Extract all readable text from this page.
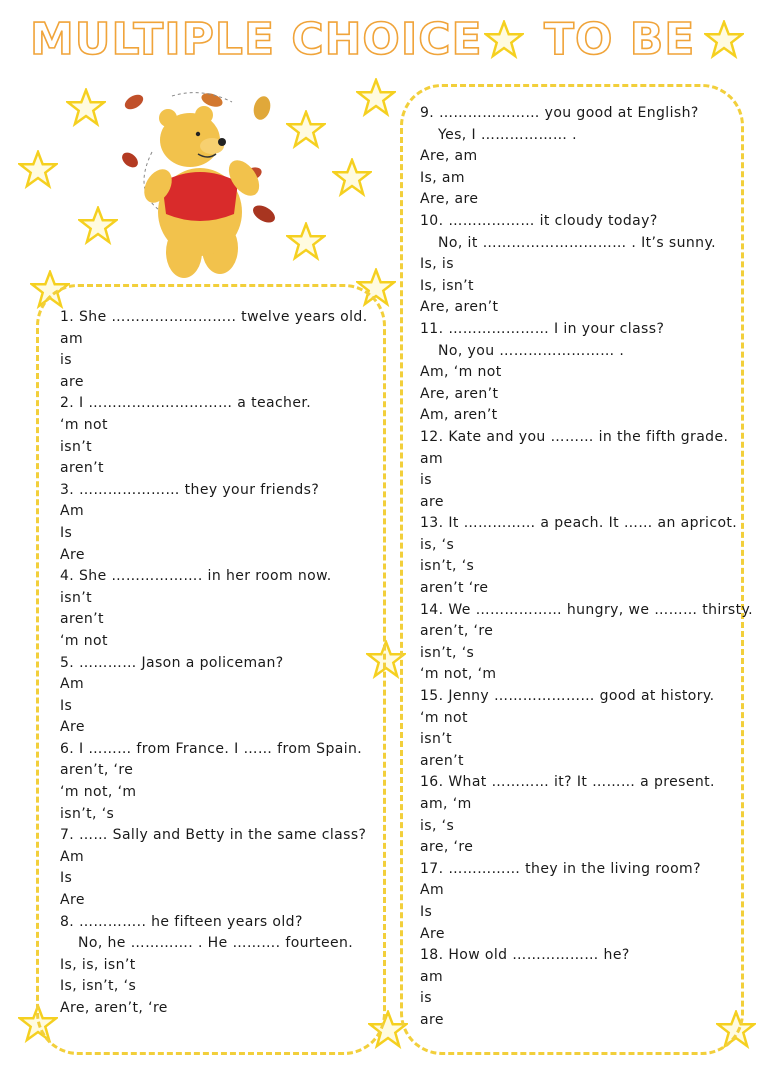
MULTIPLE CHOICE TO BE
1. She …………………….. twelve years old.
am
is
are
2. I ………………………… a teacher.
‘m not
isn’t
aren’t
3. ………………… they your friends?
Am
Is
Are
4. She ………………. in her room now.
isn’t
aren’t
‘m not
5. ………… Jason a policeman?
Am
Is
Are
6. I ……… from France. I …… from Spain.
aren’t, ‘re
‘m not, ‘m
isn’t, ‘s
7. …… Sally and Betty in the same class?
Am
Is
Are
8. ………….. he fifteen years old?
No, he …………. . He ………. fourteen.
Is, is, isn’t
Is, isn’t, ‘s
Are, aren’t, ‘re
9. ………………… you good at English?
Yes, I ……………… .
Are, am
Is, am
Are, are
10. ……………… it cloudy today?
No, it ………………………… . It’s sunny.
Is, is
Is, isn’t
Are, aren’t
11. ………………… I in your class?
No, you …………………… .
Am, ‘m not
Are, aren’t
Am, aren’t
12. Kate and you ……… in the fifth grade.
am
is
are
13. It …………… a peach. It …… an apricot.
is, ‘s
isn’t, ‘s
aren’t ‘re
14. We ……………… hungry, we ……… thirsty.
aren’t, ‘re
isn’t, ‘s
‘m not, ‘m
15. Jenny ………………… good at history.
‘m not
isn’t
aren’t
16. What ………… it? It ……… a present.
am, ‘m
is, ‘s
are, ‘re
17. …………… they in the living room?
Am
Is
Are
18. How old ……………… he?
am
is
are
